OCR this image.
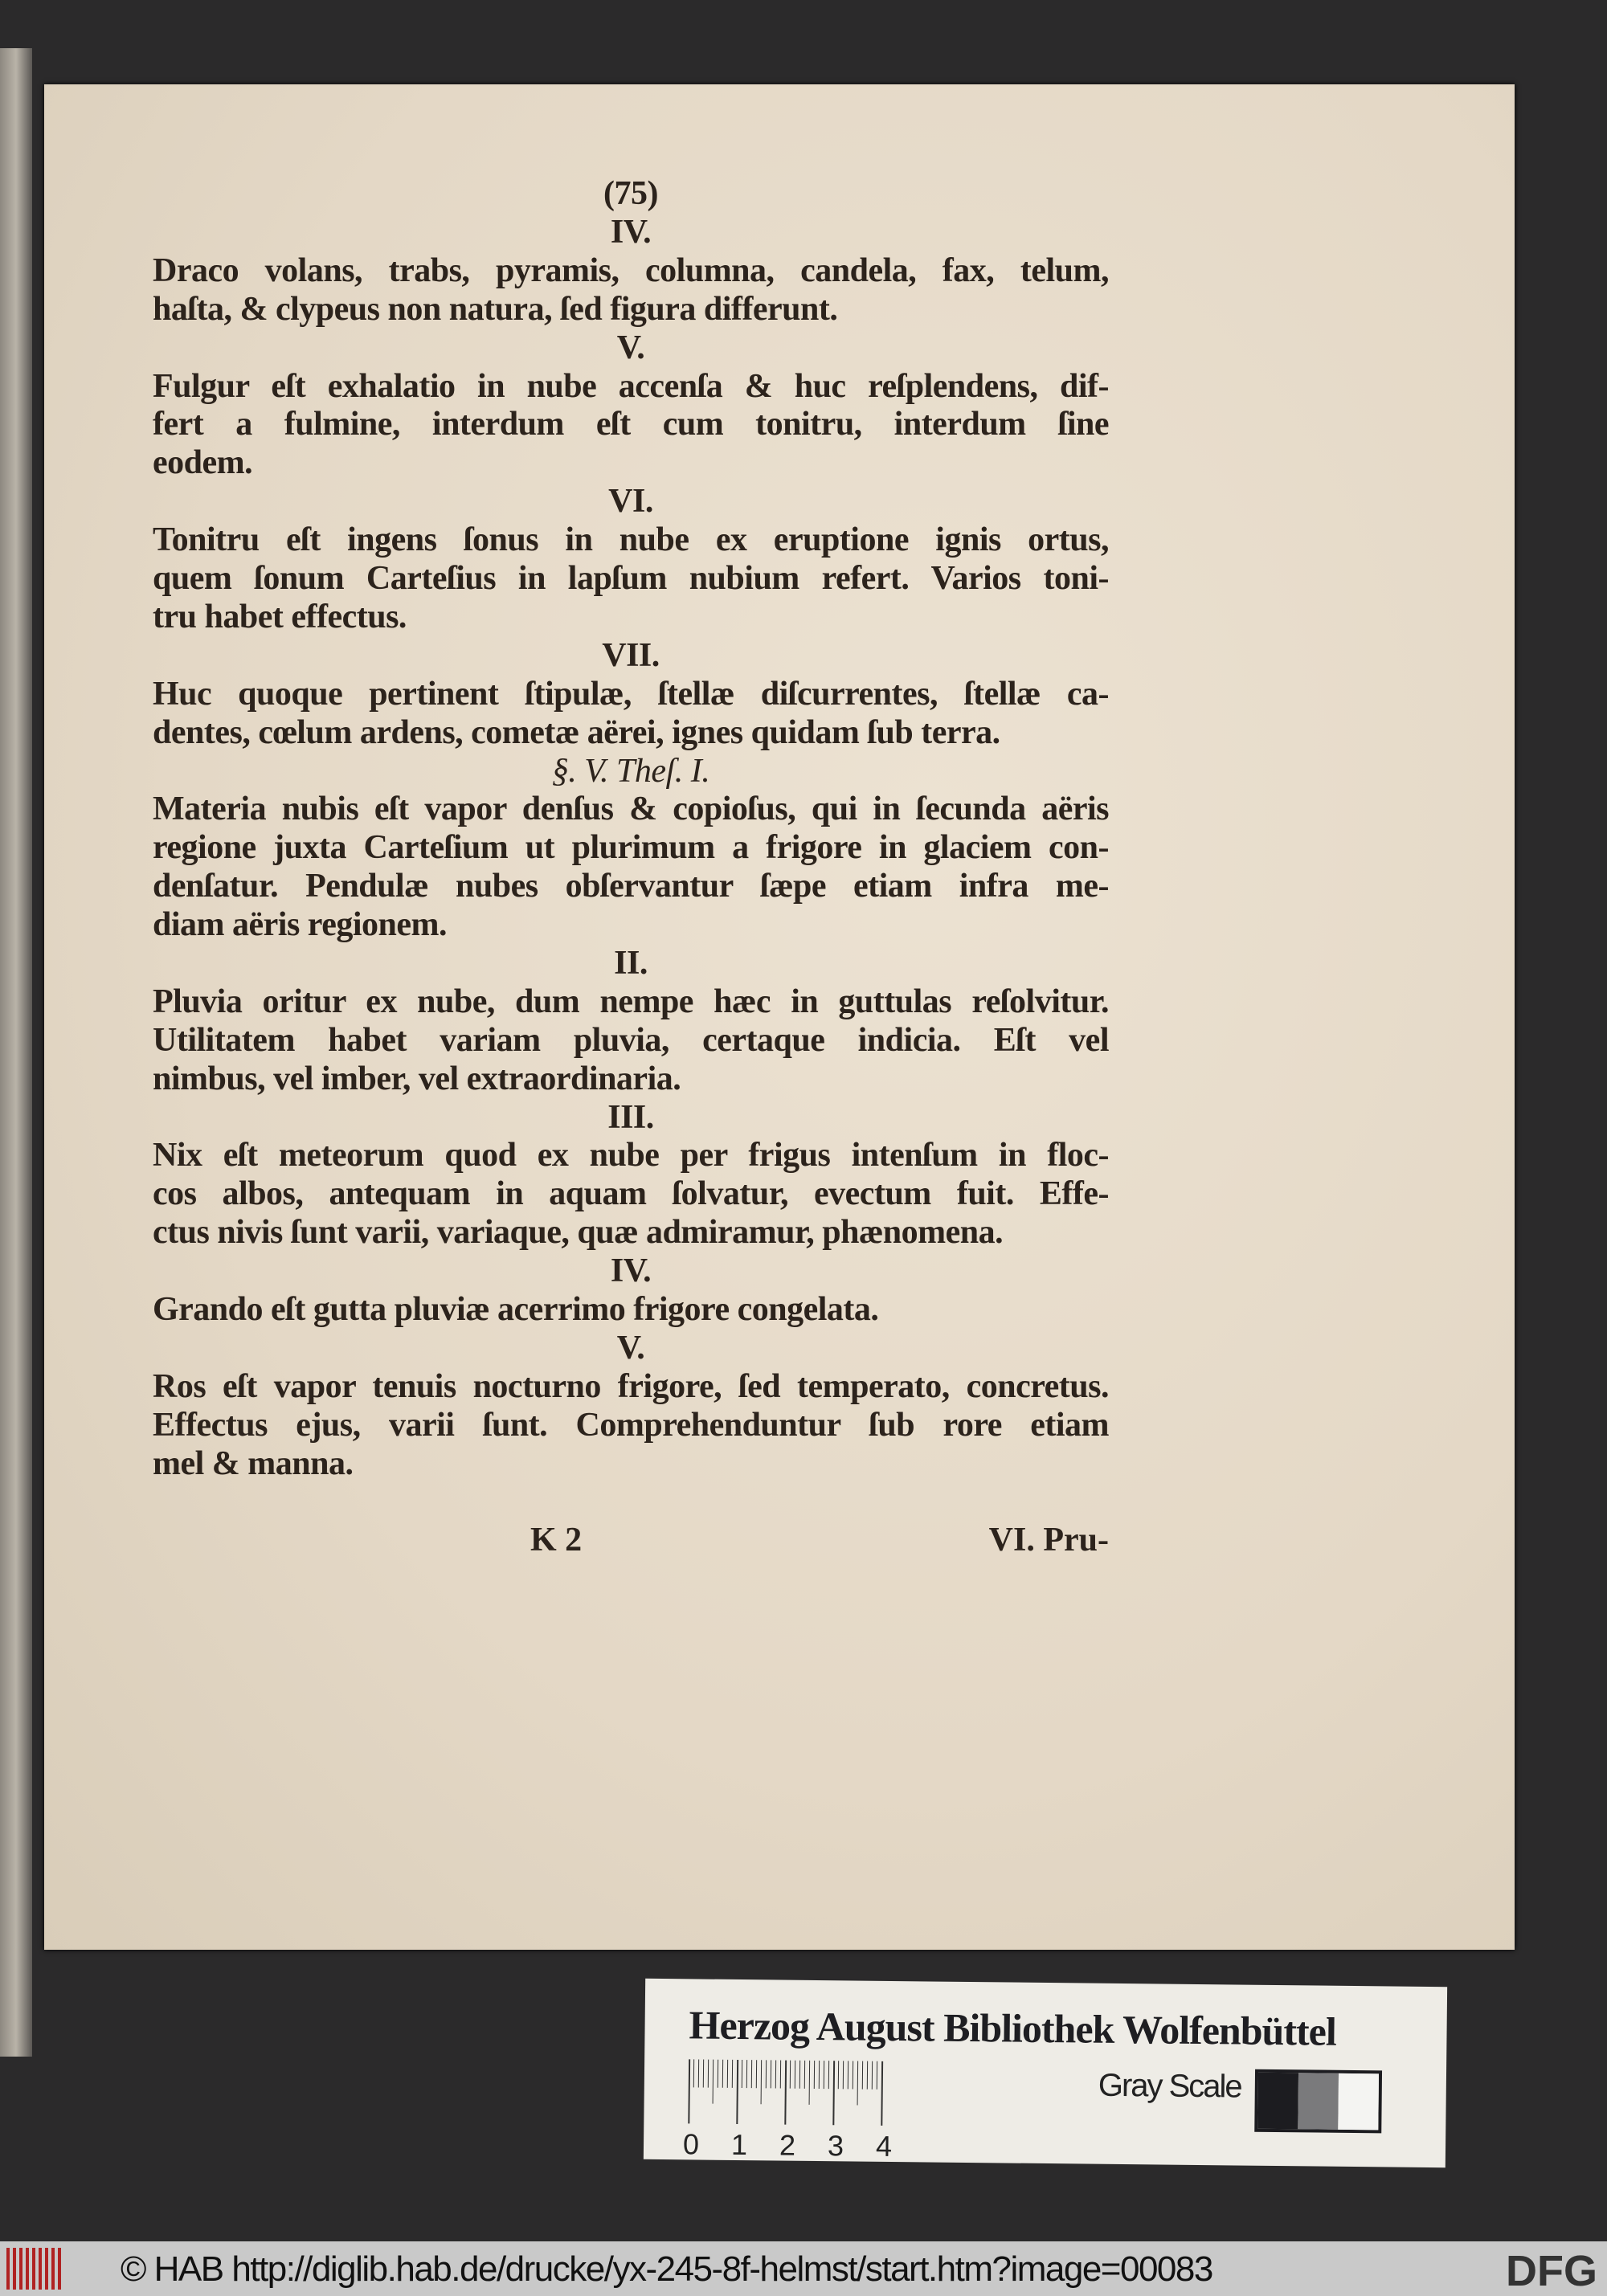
(75)
IV.
Draco volans, trabs, pyramis, columna, candela, fax, telum,
haſta, & clypeus non natura, ſed figura differunt.
V.
Fulgur eſt exhalatio in nube accenſa & huc reſplendens, dif-
fert a fulmine, interdum eſt cum tonitru, interdum ſine
eodem.
VI.
Tonitru eſt ingens ſonus in nube ex eruptione ignis ortus,
quem ſonum Carteſius in lapſum nubium refert. Varios toni-
tru habet effectus.
VII.
Huc quoque pertinent ſtipulæ, ſtellæ diſcurrentes, ſtellæ ca-
dentes, cœlum ardens, cometæ aërei, ignes quidam ſub terra.
§. V. Theſ. I.
Materia nubis eſt vapor denſus & copioſus, qui in ſecunda aëris
regione juxta Carteſium ut plurimum a frigore in glaciem con-
denſatur. Pendulæ nubes obſervantur ſæpe etiam infra me-
diam aëris regionem.
II.
Pluvia oritur ex nube, dum nempe hæc in guttulas reſolvitur.
Utilitatem habet variam pluvia, certaque indicia. Eſt vel
nimbus, vel imber, vel extraordinaria.
III.
Nix eſt meteorum quod ex nube per frigus intenſum in floc-
cos albos, antequam in aquam ſolvatur, evectum fuit. Effe-
ctus nivis ſunt varii, variaque, quæ admiramur, phænomena.
IV.
Grando eſt gutta pluviæ acerrimo frigore congelata.
V.
Ros eſt vapor tenuis nocturno frigore, ſed temperato, concretus.
Effectus ejus, varii ſunt. Comprehenduntur ſub rore etiam
mel & manna.
K 2	VI. Pru-
Herzog August Bibliothek Wolfenbüttel
0 1 2 3 4
Gray Scale
© HAB http://diglib.hab.de/drucke/yx-245-8f-helmst/start.htm?image=00083	DFG
